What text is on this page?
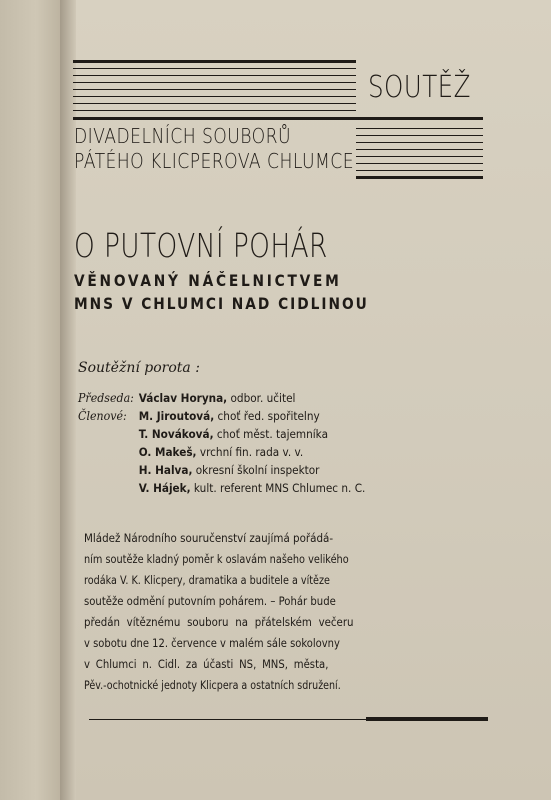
SOUTĚŽ
DIVADELNÍCH SOUBORŮ
PÁTÉHO KLICPEROVA CHLUMCE
O PUTOVNÍ POHÁR
VĚNOVANÝ NÁČELNICTVEM
MNS V CHLUMCI NAD CIDLINOU
Soutěžní porota :
Předseda: Václav Horyna, odbor. učitel
Členové: M. Jiroutová, choť řed. spořitelny
T. Nováková, choť měst. tajemníka
O. Makeš, vrchní fin. rada v. v.
H. Halva, okresní školní inspektor
V. Hájek, kult. referent MNS Chlumec n. C.
Mládež Národního souručenství zaujímá pořádá-
ním soutěže kladný poměr k oslavám našeho velikého
rodáka V. K. Klicpery, dramatika a buditele a vítěze
soutěže odmění putovním pohárem. – Pohár bude
předán vítěznému souboru na přátelském večeru
v sobotu dne 12. července v malém sále sokolovny
v Chlumci n. Cidl. za účasti NS, MNS, města,
Pěv.-ochotnické jednoty Klicpera a ostatních sdružení.
